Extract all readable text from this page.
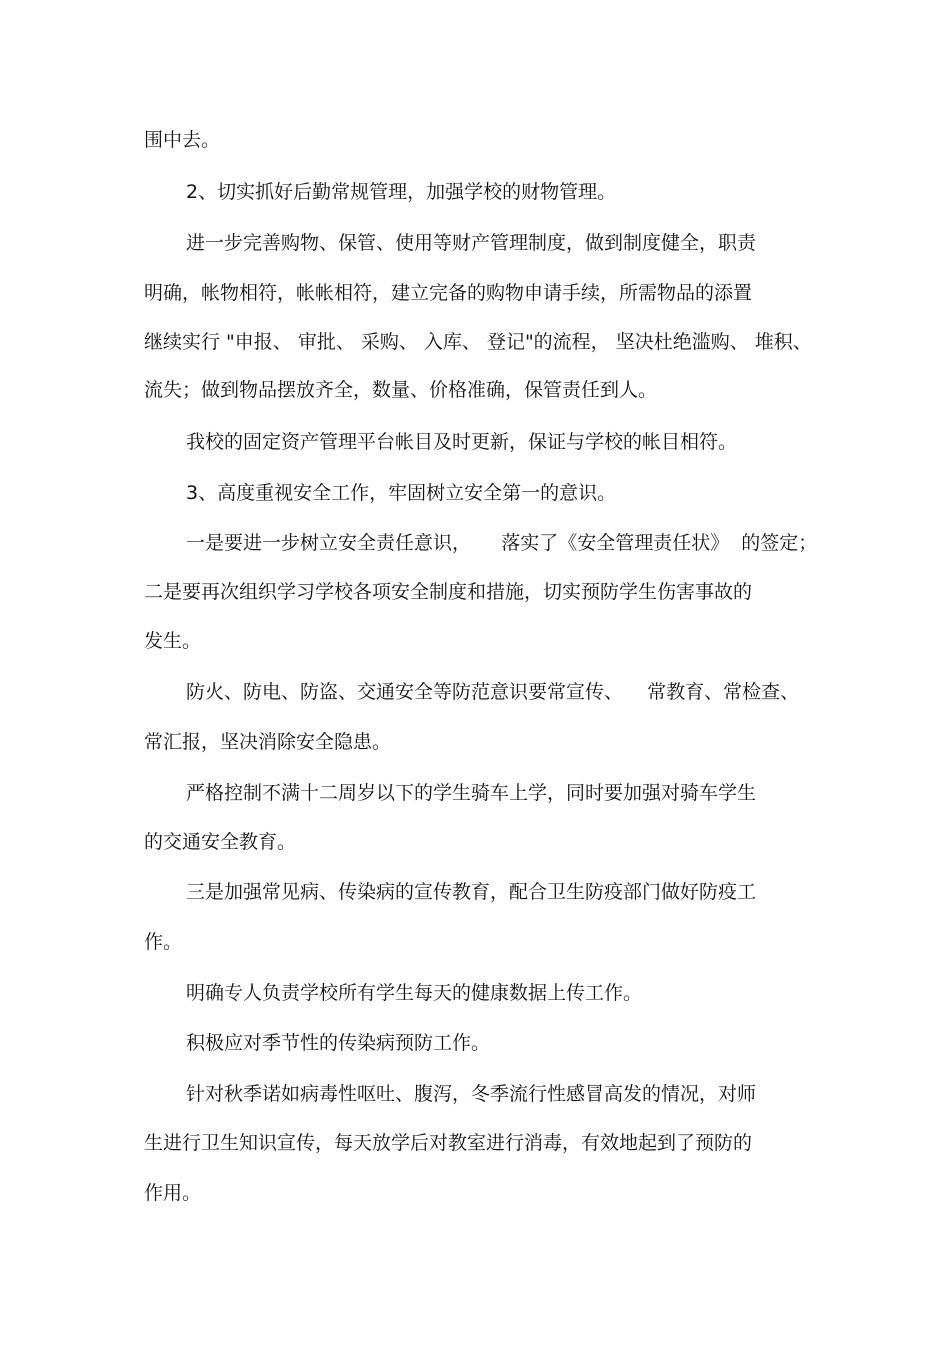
围中去。
2、切实抓好后勤常规管理，加强学校的财物管理。
进一步完善购物、保管、使用等财产管理制度，做到制度健全，职责
明确，帐物相符，帐帐相符，建立完备的购物申请手续，所需物品的添置
继续实行 "申报、 审批、 采购、 入库、 登记"的流程， 坚决杜绝滥购、 堆积、
流失；做到物品摆放齐全，数量、价格准确，保管责任到人。
我校的固定资产管理平台帐目及时更新，保证与学校的帐目相符。
3、高度重视安全工作，牢固树立安全第一的意识。
一是要进一步树立安全责任意识，     落实了《安全管理责任状》  的签定；
二是要再次组织学习学校各项安全制度和措施，切实预防学生伤害事故的
发生。
防火、防电、防盗、交通安全等防范意识要常宣传、    常教育、常检查、
常汇报，坚决消除安全隐患。
严格控制不满十二周岁以下的学生骑车上学，同时要加强对骑车学生
的交通安全教育。
三是加强常见病、传染病的宣传教育，配合卫生防疫部门做好防疫工
作。
明确专人负责学校所有学生每天的健康数据上传工作。
积极应对季节性的传染病预防工作。
针对秋季诺如病毒性呕吐、腹泻，冬季流行性感冒高发的情况，对师
生进行卫生知识宣传，每天放学后对教室进行消毒，有效地起到了预防的
作用。
